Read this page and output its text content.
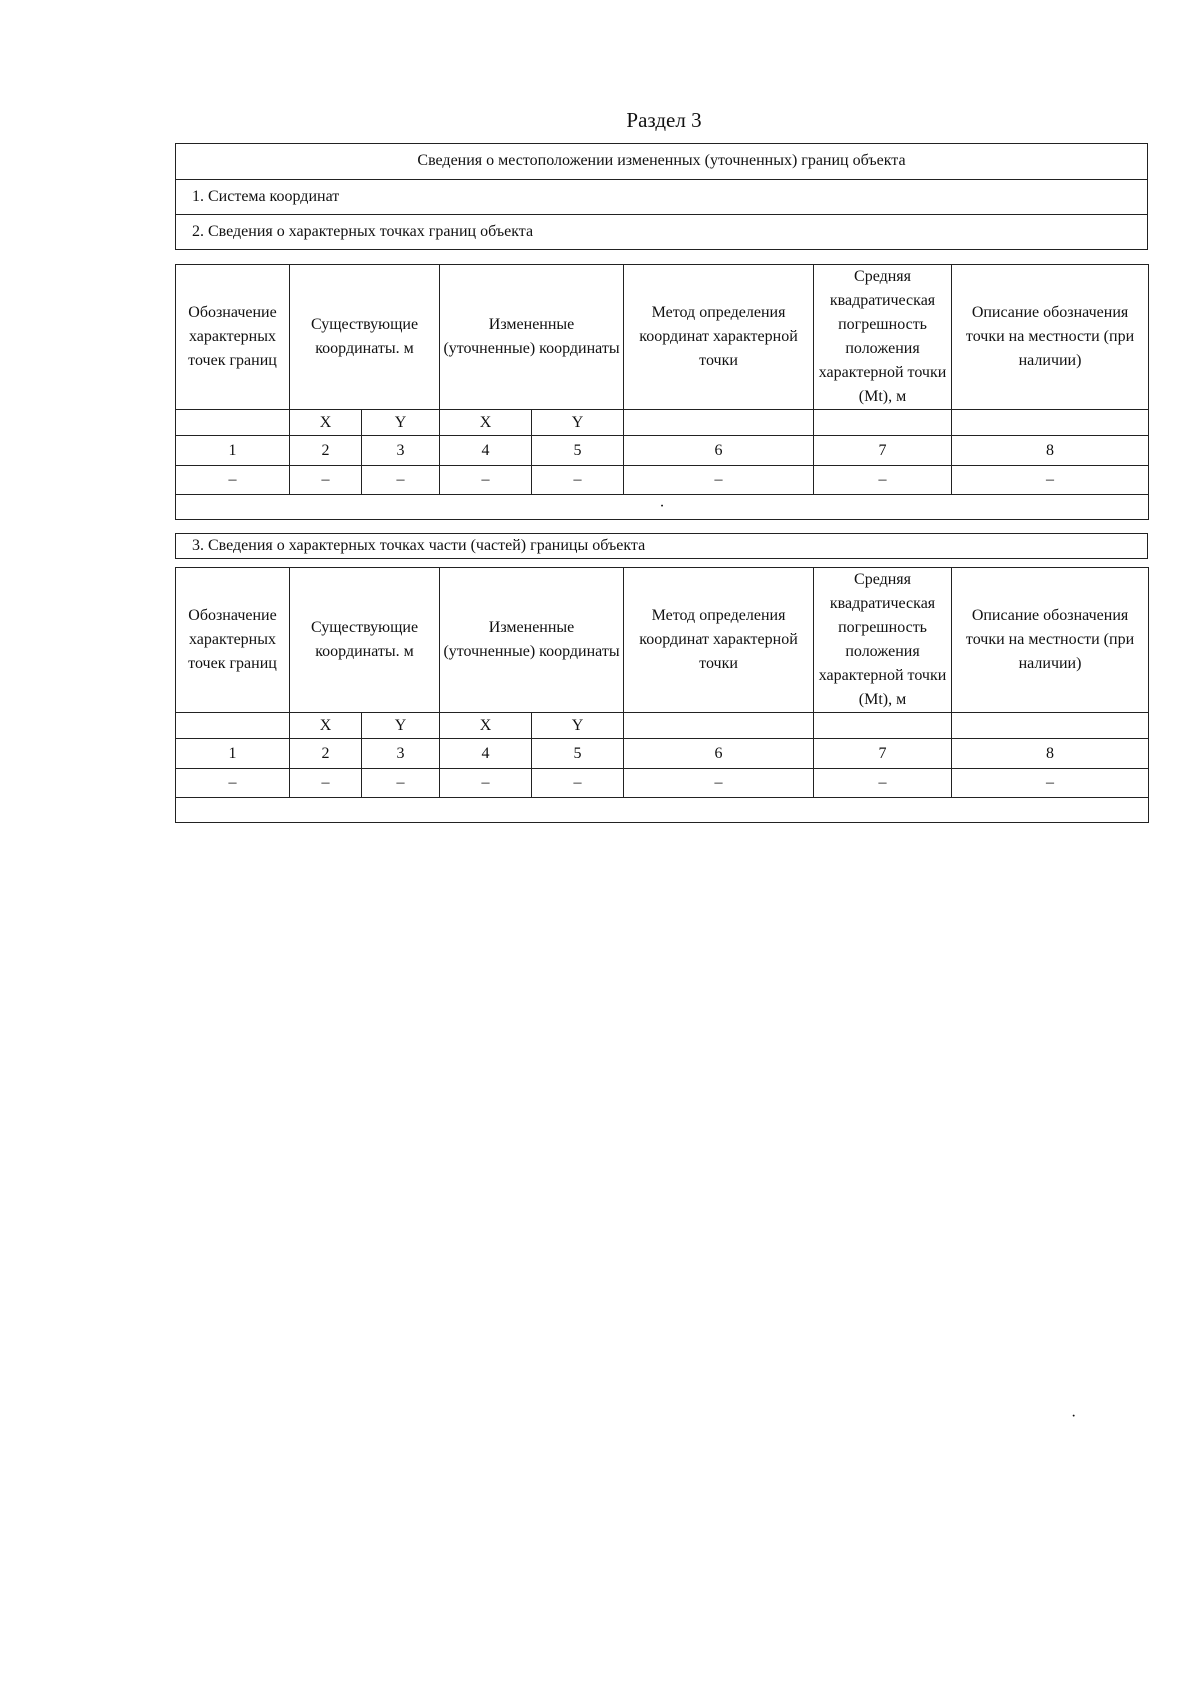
Раздел 3
Сведения о местоположении измененных (уточненных) границ объекта
1. Система координат
2. Сведения о характерных точках границ объекта
Обозначение характерных точек границ	Существующие координаты. м		Измененные (уточненные) координаты		Метод определения координат характерной точки	Средняя квадратическая погрешность положения характерной точки (Mt), м	Описание обозначения точки на местности (при наличии)
	X	Y	X	Y			
1	2	3	4	5	6	7	8
–	–	–	–	–	–	–	–
·							
3. Сведения о характерных точках части (частей) границы объекта
Обозначение характерных точек границ	Существующие координаты. м		Измененные (уточненные) координаты		Метод определения координат характерной точки	Средняя квадратическая погрешность положения характерной точки (Mt), м	Описание обозначения точки на местности (при наличии)
	X	Y	X	Y			
1	2	3	4	5	6	7	8
–	–	–	–	–	–	–	–

·
